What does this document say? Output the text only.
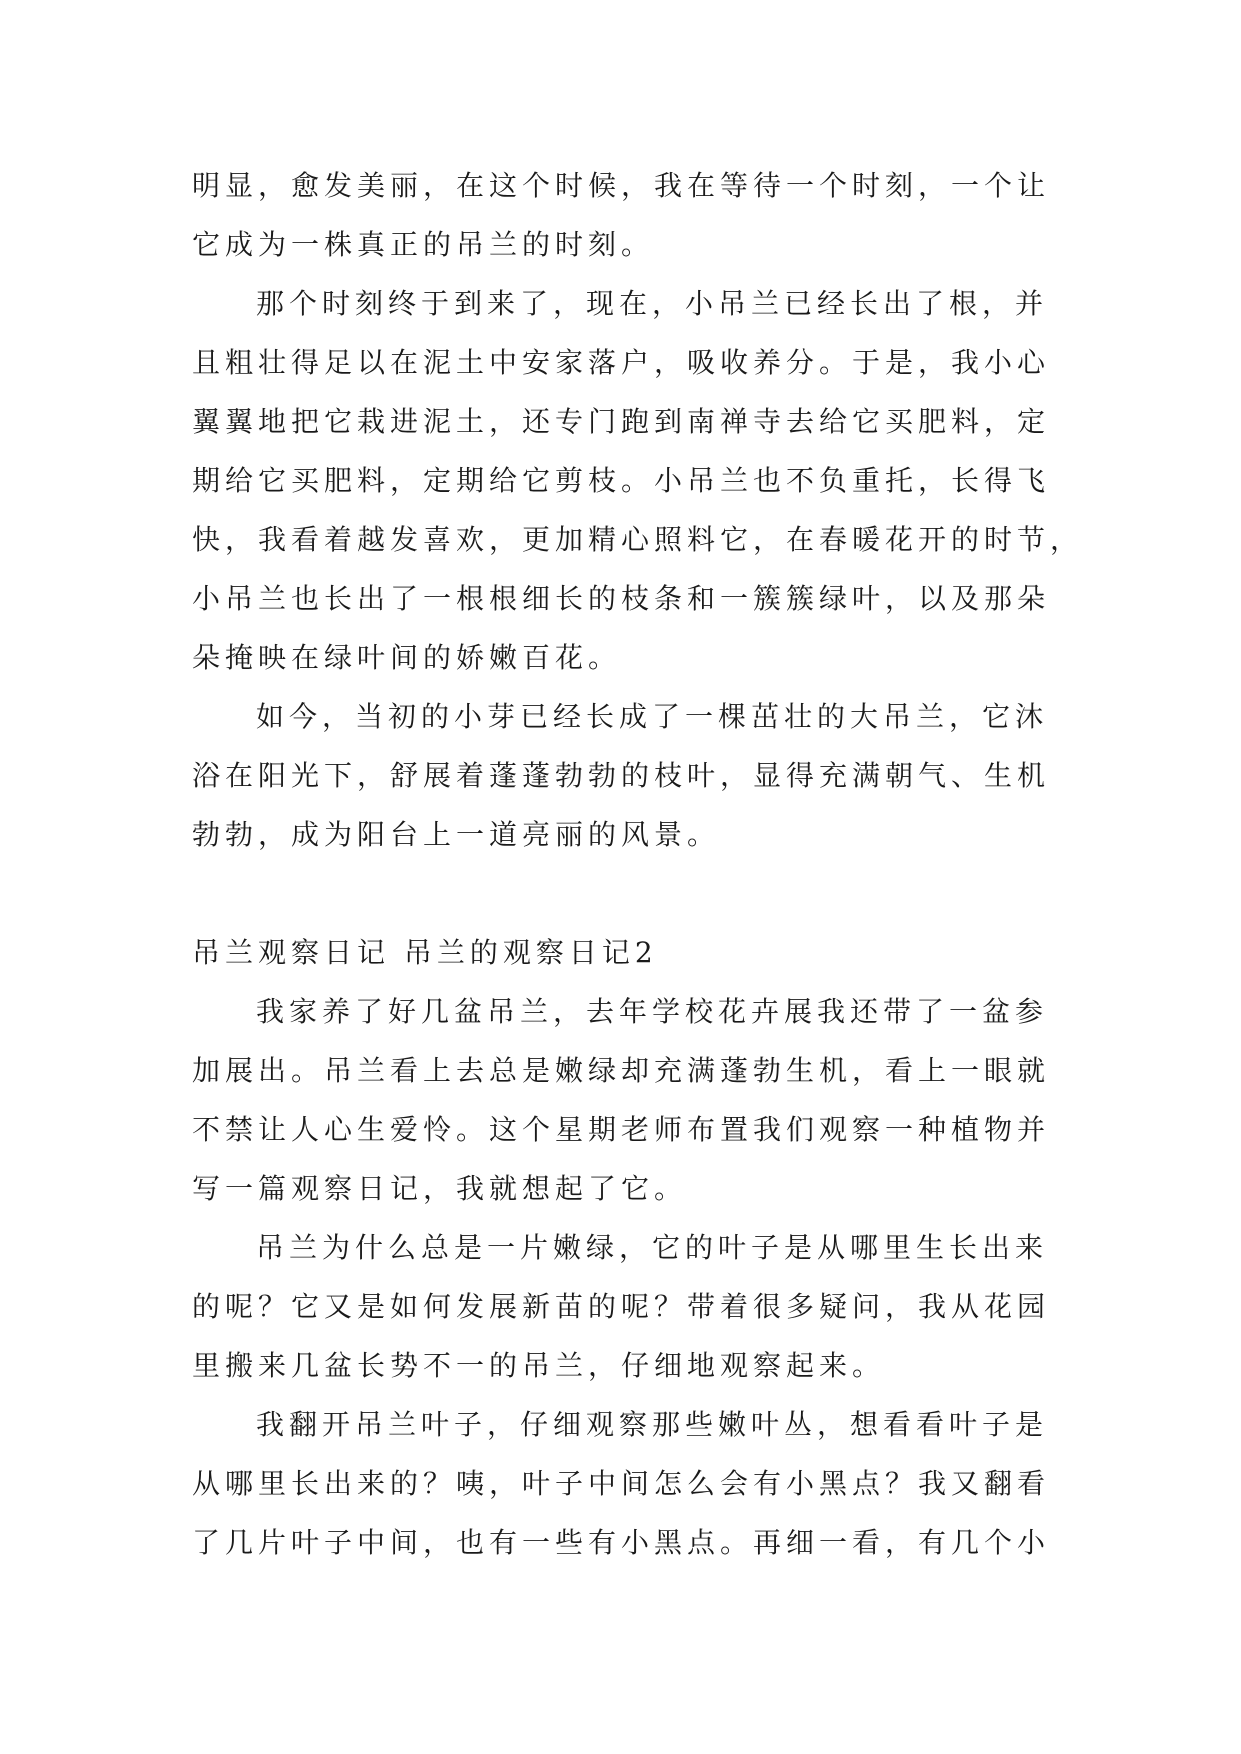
明显，愈发美丽，在这个时候，我在等待一个时刻，一个让
它成为一株真正的吊兰的时刻。
那个时刻终于到来了，现在，小吊兰已经长出了根，并
且粗壮得足以在泥土中安家落户，吸收养分。于是，我小心
翼翼地把它栽进泥土，还专门跑到南禅寺去给它买肥料，定
期给它买肥料，定期给它剪枝。小吊兰也不负重托，长得飞
快，我看着越发喜欢，更加精心照料它，在春暖花开的时节，
小吊兰也长出了一根根细长的枝条和一簇簇绿叶，以及那朵
朵掩映在绿叶间的娇嫩百花。
如今，当初的小芽已经长成了一棵茁壮的大吊兰，它沐
浴在阳光下，舒展着蓬蓬勃勃的枝叶，显得充满朝气、生机
勃勃，成为阳台上一道亮丽的风景。
吊兰观察日记 吊兰的观察日记2
我家养了好几盆吊兰，去年学校花卉展我还带了一盆参
加展出。吊兰看上去总是嫩绿却充满蓬勃生机，看上一眼就
不禁让人心生爱怜。这个星期老师布置我们观察一种植物并
写一篇观察日记，我就想起了它。
吊兰为什么总是一片嫩绿，它的叶子是从哪里生长出来
的呢？它又是如何发展新苗的呢？带着很多疑问，我从花园
里搬来几盆长势不一的吊兰，仔细地观察起来。
我翻开吊兰叶子，仔细观察那些嫩叶丛，想看看叶子是
从哪里长出来的？咦，叶子中间怎么会有小黑点？我又翻看
了几片叶子中间，也有一些有小黑点。再细一看，有几个小
